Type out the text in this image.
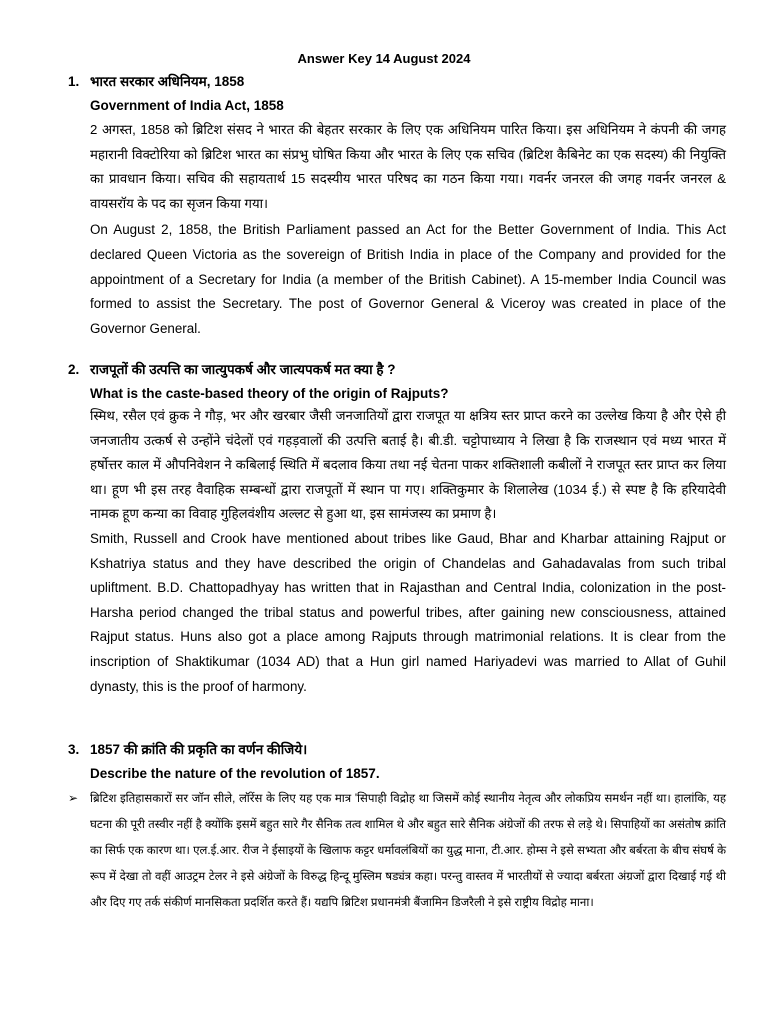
Answer Key 14 August 2024
1. भारत सरकार अधिनियम, 1858
Government of India Act, 1858
2 अगस्त, 1858 को ब्रिटिश संसद ने भारत की बेहतर सरकार के लिए एक अधिनियम पारित किया। इस अधिनियम ने कंपनी की जगह महारानी विक्टोरिया को ब्रिटिश भारत का संप्रभु घोषित किया और भारत के लिए एक सचिव (ब्रिटिश कैबिनेट का एक सदस्य) की नियुक्ति का प्रावधान किया। सचिव की सहायतार्थ 15 सदस्यीय भारत परिषद का गठन किया गया। गवर्नर जनरल की जगह गवर्नर जनरल & वायसरॉय के पद का सृजन किया गया।
On August 2, 1858, the British Parliament passed an Act for the Better Government of India. This Act declared Queen Victoria as the sovereign of British India in place of the Company and provided for the appointment of a Secretary for India (a member of the British Cabinet). A 15-member India Council was formed to assist the Secretary. The post of Governor General & Viceroy was created in place of the Governor General.
2. राजपूतों की उत्पत्ति का जात्युपकर्ष और जात्यपकर्ष मत क्या है ?
What is the caste-based theory of the origin of Rajputs?
स्मिथ, रसैल एवं क्रुक ने गौड़, भर और खरबार जैसी जनजातियों द्वारा राजपूत या क्षत्रिय स्तर प्राप्त करने का उल्लेख किया है और ऐसे ही जनजातीय उत्कर्ष से उन्होंने चंदेलों एवं गहड़वालों की उत्पत्ति बताई है। बी.डी. चट्टोपाध्याय ने लिखा है कि राजस्थान एवं मध्य भारत में हर्षोत्तर काल में औपनिवेशन ने कबिलाई स्थिति में बदलाव किया तथा नई चेतना पाकर शक्तिशाली कबीलों ने राजपूत स्तर प्राप्त कर लिया था। हूण भी इस तरह वैवाहिक सम्बन्धों द्वारा राजपूतों में स्थान पा गए। शक्तिकुमार के शिलालेख (1034 ई.) से स्पष्ट है कि हरियादेवी नामक हूण कन्या का विवाह गुहिलवंशीय अल्लट से हुआ था, इस सामंजस्य का प्रमाण है।
Smith, Russell and Crook have mentioned about tribes like Gaud, Bhar and Kharbar attaining Rajput or Kshatriya status and they have described the origin of Chandelas and Gahadavalas from such tribal upliftment. B.D. Chattopadhyay has written that in Rajasthan and Central India, colonization in the post-Harsha period changed the tribal status and powerful tribes, after gaining new consciousness, attained Rajput status. Huns also got a place among Rajputs through matrimonial relations. It is clear from the inscription of Shaktikumar (1034 AD) that a Hun girl named Hariyadevi was married to Allat of Guhil dynasty, this is the proof of harmony.
3. 1857 की क्रांति की प्रकृति का वर्णन कीजिये।
Describe the nature of the revolution of 1857.
➢ ब्रिटिश इतिहासकारों सर जॉन सीले, लॉरेंस के लिए यह एक मात्र 'सिपाही विद्रोह था जिसमें कोई स्थानीय नेतृत्व और लोकप्रिय समर्थन नहीं था। हालांकि, यह घटना की पूरी तस्वीर नहीं है क्योंकि इसमें बहुत सारे गैर सैनिक तत्व शामिल थे और बहुत सारे सैनिक अंग्रेजों की तरफ से लड़े थे। सिपाहियों का असंतोष क्रांति का सिर्फ एक कारण था। एल.ई.आर. रीज ने ईसाइयों के खिलाफ कट्टर धर्मावलंबियों का युद्ध माना, टी.आर. होम्स ने इसे सभ्यता और बर्बरता के बीच संघर्ष के रूप में देखा तो वहीं आउट्रम टेलर ने इसे अंग्रेजों के विरुद्ध हिन्दू मुस्लिम षड्यंत्र कहा। परन्तु वास्तव में भारतीयों से ज्यादा बर्बरता अंग्रजों द्वारा दिखाई गई थी और दिए गए तर्क संकीर्ण मानसिकता प्रदर्शित करते हैं। यद्यपि ब्रिटिश प्रधानमंत्री बैंजामिन डिजरैली ने इसे राष्ट्रीय विद्रोह माना।
